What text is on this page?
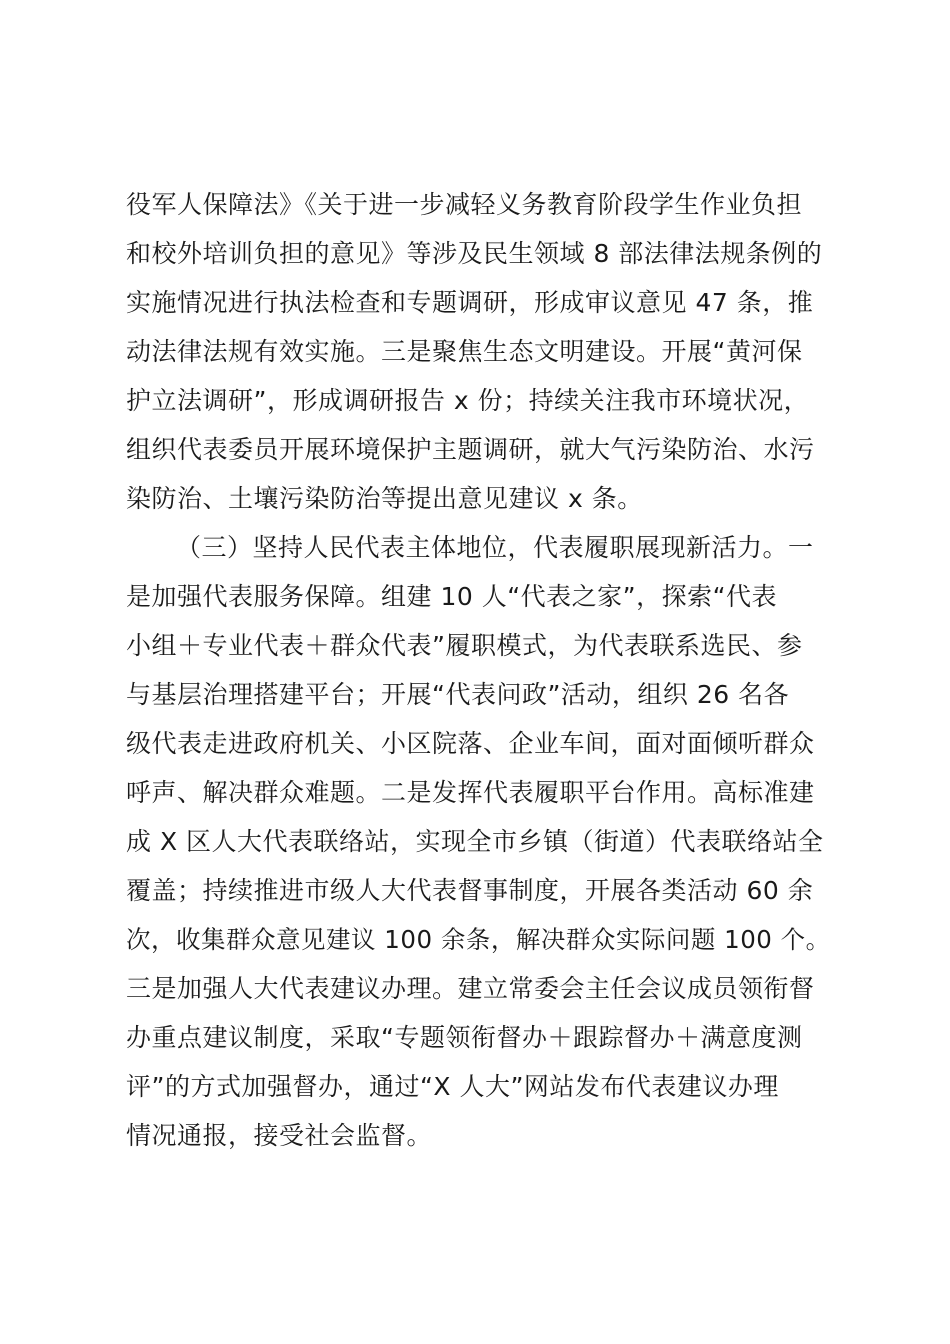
役军人保障法》《关于进一步减轻义务教育阶段学生作业负担
和校外培训负担的意见》等涉及民生领域 8 部法律法规条例的
实施情况进行执法检查和专题调研，形成审议意见 47 条，推
动法律法规有效实施。三是聚焦生态文明建设。开展“黄河保
护立法调研”，形成调研报告 x 份；持续关注我市环境状况，
组织代表委员开展环境保护主题调研，就大气污染防治、水污
染防治、土壤污染防治等提出意见建议 x 条。
（三）坚持人民代表主体地位，代表履职展现新活力。一
是加强代表服务保障。组建 10 人“代表之家”，探索“代表
小组＋专业代表＋群众代表”履职模式，为代表联系选民、参
与基层治理搭建平台；开展“代表问政”活动，组织 26 名各
级代表走进政府机关、小区院落、企业车间，面对面倾听群众
呼声、解决群众难题。二是发挥代表履职平台作用。高标准建
成 X 区人大代表联络站，实现全市乡镇（街道）代表联络站全
覆盖；持续推进市级人大代表督事制度，开展各类活动 60 余
次，收集群众意见建议 100 余条，解决群众实际问题 100 个。
三是加强人大代表建议办理。建立常委会主任会议成员领衔督
办重点建议制度，采取“专题领衔督办＋跟踪督办＋满意度测
评”的方式加强督办，通过“X 人大”网站发布代表建议办理
情况通报，接受社会监督。
